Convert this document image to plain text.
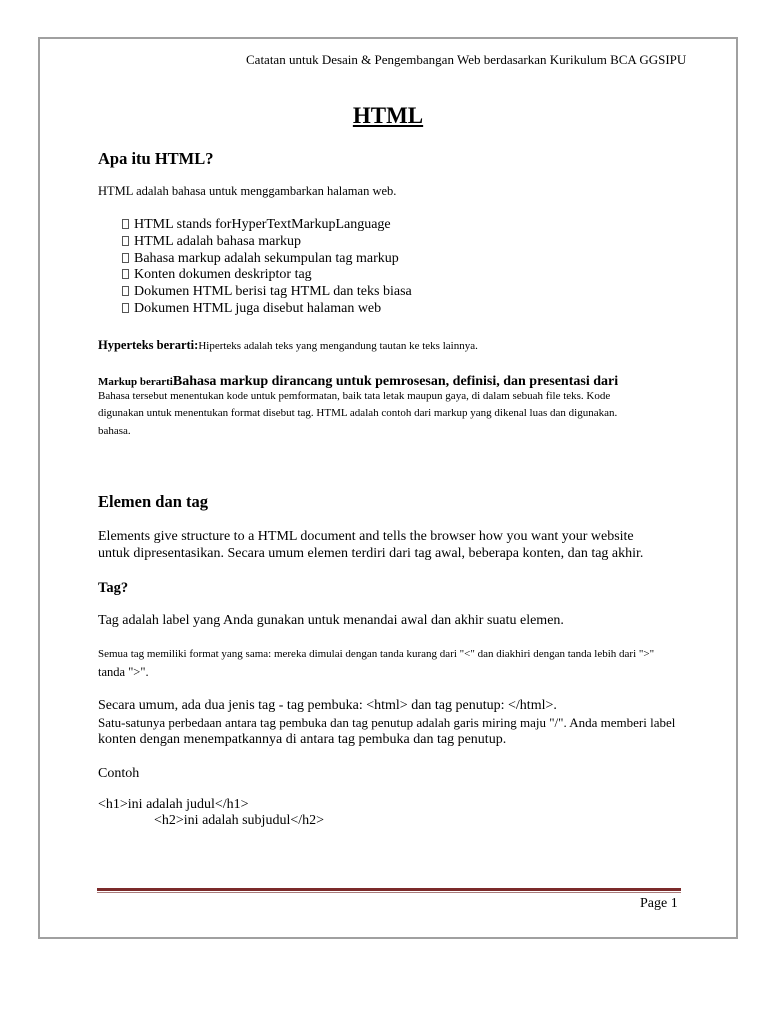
Catatan untuk Desain & Pengembangan Web berdasarkan Kurikulum BCA GGSIPU
HTML
Apa itu HTML?
HTML adalah bahasa untuk menggambarkan halaman web.
HTML stands forHyperTextMarkupLanguage
HTML adalah bahasa markup
Bahasa markup adalah sekumpulan tag markup
Konten dokumen deskriptor tag
Dokumen HTML berisi tag HTML dan teks biasa
Dokumen HTML juga disebut halaman web
Hyperteks berarti:Hiperteks adalah teks yang mengandung tautan ke teks lainnya.
Markup berartiBahasa markup dirancang untuk pemrosesan, definisi, dan presentasi dari
Bahasa tersebut menentukan kode untuk pemformatan, baik tata letak maupun gaya, di dalam sebuah file teks. Kode
digunakan untuk menentukan format disebut tag. HTML adalah contoh dari markup yang dikenal luas dan digunakan.
bahasa.
Elemen dan tag
Elements give structure to a HTML document and tells the browser how you want your website
untuk dipresentasikan. Secara umum elemen terdiri dari tag awal, beberapa konten, dan tag akhir.
Tag?
Tag adalah label yang Anda gunakan untuk menandai awal dan akhir suatu elemen.
Semua tag memiliki format yang sama: mereka dimulai dengan tanda kurang dari "<" dan diakhiri dengan tanda lebih dari ">"
tanda ">".
Secara umum, ada dua jenis tag - tag pembuka: <html> dan tag penutup: </html>.
Satu-satunya perbedaan antara tag pembuka dan tag penutup adalah garis miring maju "/". Anda memberi label
konten dengan menempatkannya di antara tag pembuka dan tag penutup.
Contoh
<h1>ini adalah judul</h1>
<h2>ini adalah subjudul</h2>
Page 1
